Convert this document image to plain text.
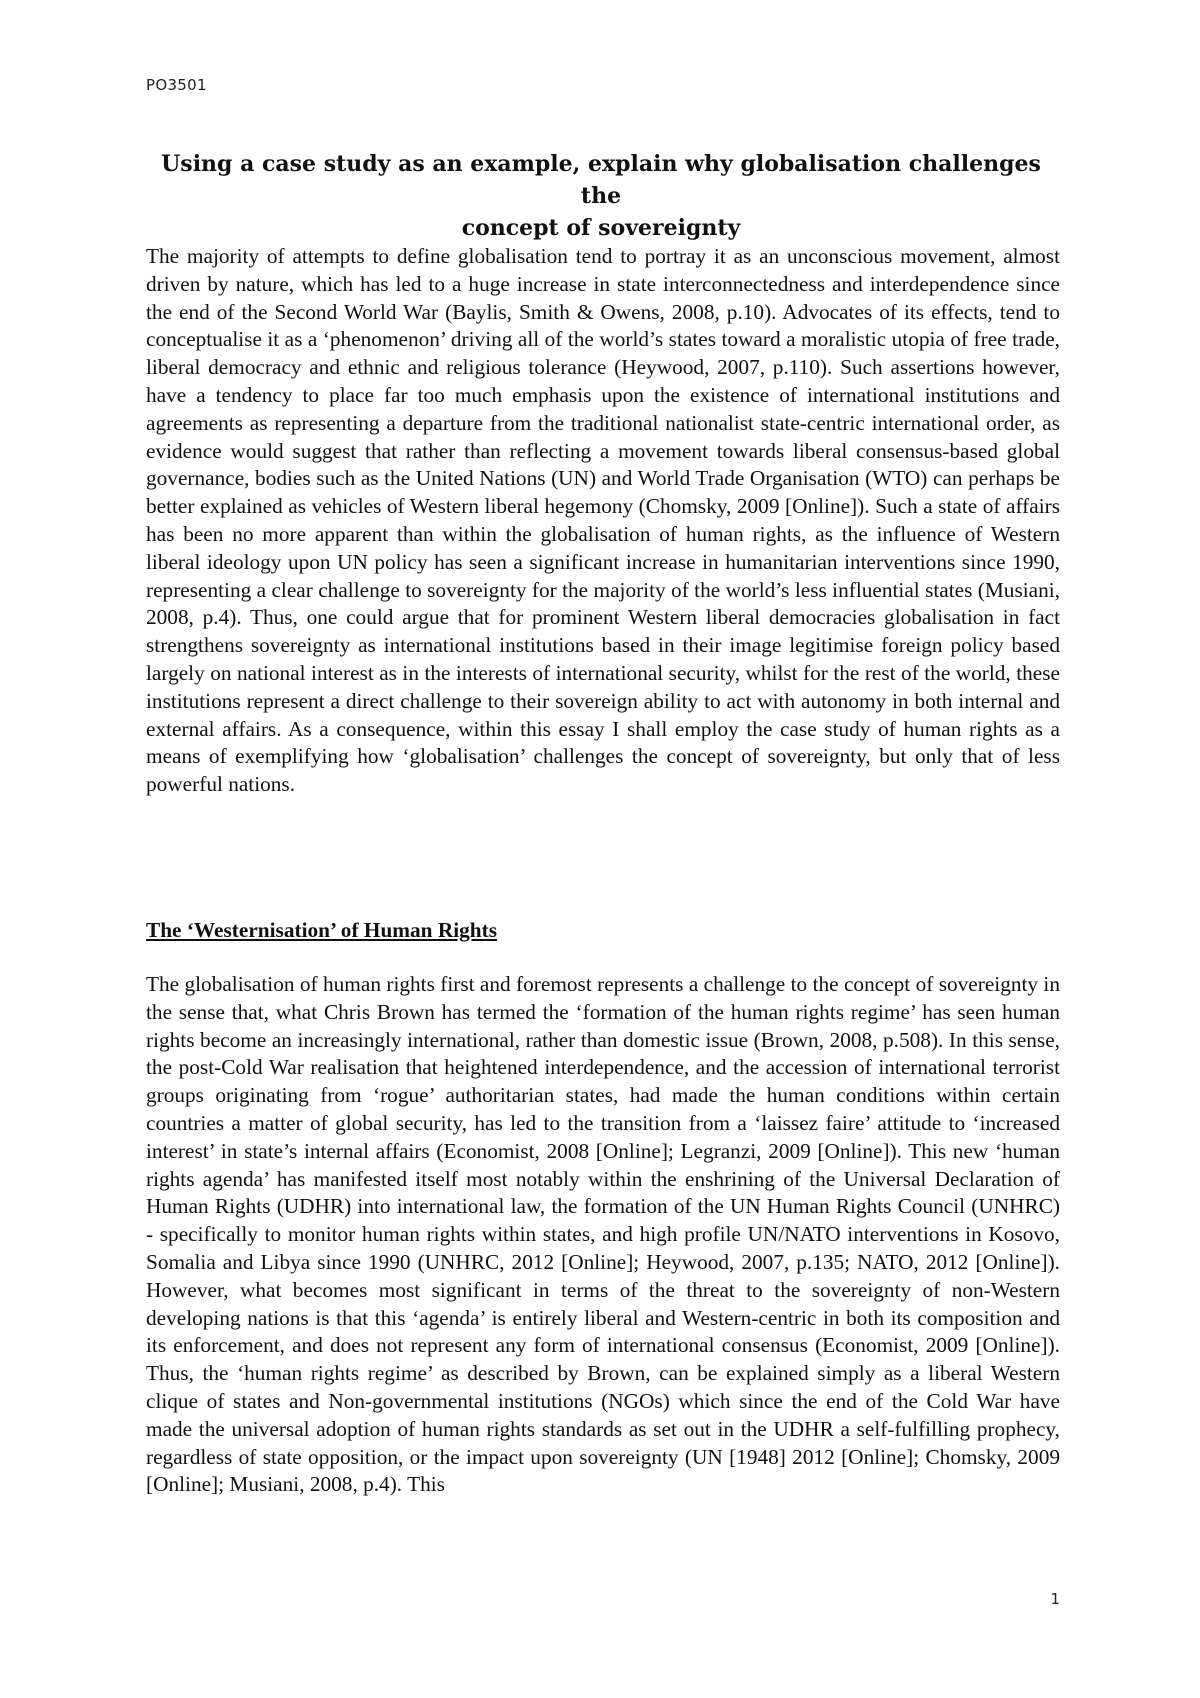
PO3501
Using a case study as an example, explain why globalisation challenges the
concept of sovereignty

The majority of attempts to define globalisation tend to portray it as an unconscious movement, almost driven by nature, which has led to a huge increase in state interconnectedness and interdependence since the end of the Second World War (Baylis, Smith & Owens, 2008, p.10). Advocates of its effects, tend to conceptualise it as a ‘phenomenon’ driving all of the world’s states toward a moralistic utopia of free trade, liberal democracy and ethnic and religious tolerance (Heywood, 2007, p.110). Such assertions however, have a tendency to place far too much emphasis upon the existence of international institutions and agreements as representing a departure from the traditional nationalist state-centric international order, as evidence would suggest that rather than reflecting a movement towards liberal consensus-based global governance, bodies such as the United Nations (UN) and World Trade Organisation (WTO) can perhaps be better explained as vehicles of Western liberal hegemony (Chomsky, 2009 [Online]). Such a state of affairs has been no more apparent than within the globalisation of human rights, as the influence of Western liberal ideology upon UN policy has seen a significant increase in humanitarian interventions since 1990, representing a clear challenge to sovereignty for the majority of the world’s less influential states (Musiani, 2008, p.4). Thus, one could argue that for prominent Western liberal democracies globalisation in fact strengthens sovereignty as international institutions based in their image legitimise foreign policy based largely on national interest as in the interests of international security, whilst for the rest of the world, these institutions represent a direct challenge to their sovereign ability to act with autonomy in both internal and external affairs. As a consequence, within this essay I shall employ the case study of human rights as a means of exemplifying how ‘globalisation’ challenges the concept of sovereignty, but only that of less powerful nations.

The ‘Westernisation’ of Human Rights

The globalisation of human rights first and foremost represents a challenge to the concept of sovereignty in the sense that, what Chris Brown has termed the ‘formation of the human rights regime’ has seen human rights become an increasingly international, rather than domestic issue (Brown, 2008, p.508). In this sense, the post-Cold War realisation that heightened interdependence, and the accession of international terrorist groups originating from ‘rogue’ authoritarian states, had made the human conditions within certain countries a matter of global security, has led to the transition from a ‘laissez faire’ attitude to ‘increased interest’ in state’s internal affairs (Economist, 2008 [Online]; Legranzi, 2009 [Online]). This new ‘human rights agenda’ has manifested itself most notably within the enshrining of the Universal Declaration of Human Rights (UDHR) into international law, the formation of the UN Human Rights Council (UNHRC) - specifically to monitor human rights within states, and high profile UN/NATO interventions in Kosovo, Somalia and Libya since 1990 (UNHRC, 2012 [Online]; Heywood, 2007, p.135; NATO, 2012 [Online]). However, what becomes most significant in terms of the threat to the sovereignty of non-Western developing nations is that this ‘agenda’ is entirely liberal and Western-centric in both its composition and its enforcement, and does not represent any form of international consensus (Economist, 2009 [Online]). Thus, the ‘human rights regime’ as described by Brown, can be explained simply as a liberal Western clique of states and Non-governmental institutions (NGOs) which since the end of the Cold War have made the universal adoption of human rights standards as set out in the UDHR a self-fulfilling prophecy, regardless of state opposition, or the impact upon sovereignty (UN [1948] 2012 [Online]; Chomsky, 2009 [Online]; Musiani, 2008, p.4). This

1
